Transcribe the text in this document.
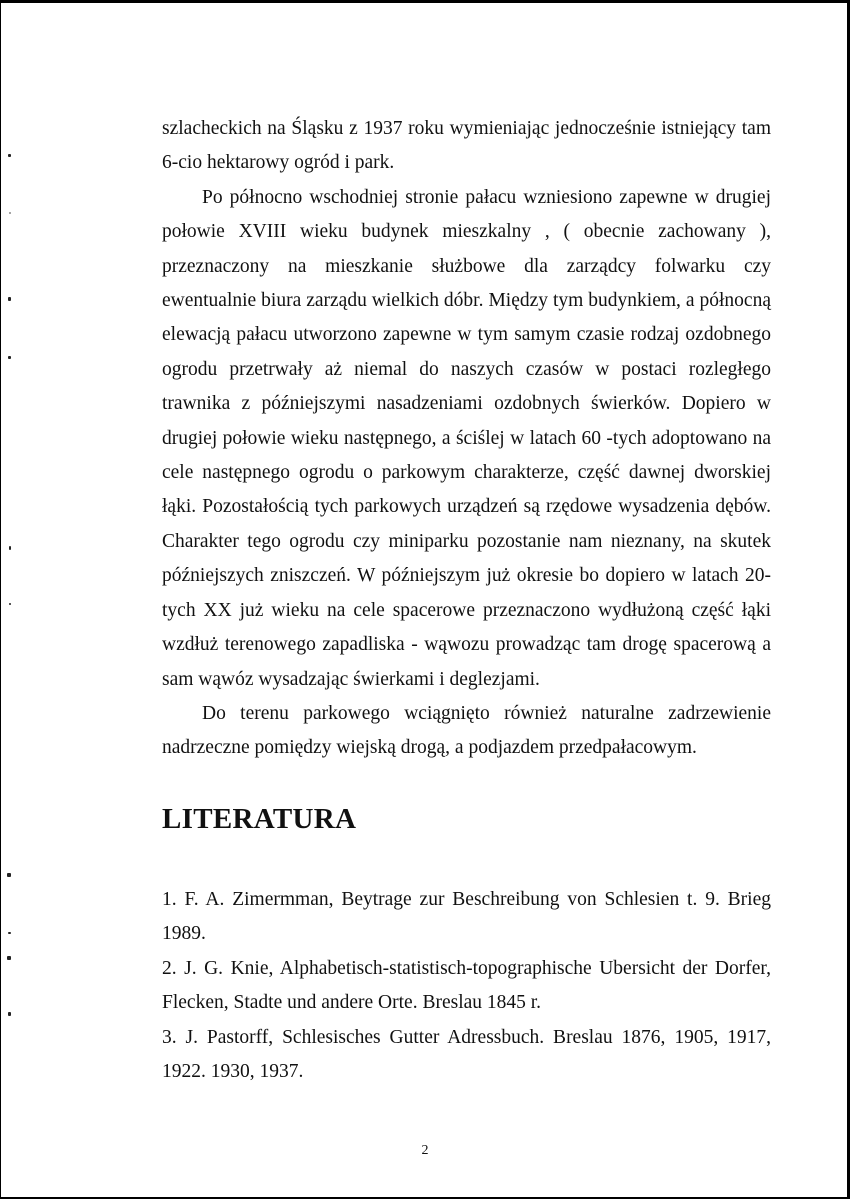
szlacheckich na Śląsku z 1937 roku wymieniając jednocześnie istniejący tam 6-cio hektarowy ogród i park.

Po północno wschodniej stronie pałacu wzniesiono zapewne w drugiej połowie XVIII wieku budynek mieszkalny , ( obecnie zachowany ), przeznaczony na mieszkanie służbowe dla zarządcy folwarku czy ewentualnie biura zarządu wielkich dóbr. Między tym budynkiem, a północną elewacją pałacu utworzono zapewne w tym samym czasie rodzaj ozdobnego ogrodu przetrwały aż niemal do naszych czasów w postaci rozległego trawnika z późniejszymi nasadzeniami ozdobnych świerków. Dopiero w drugiej połowie wieku następnego, a ściślej w latach 60 -tych adoptowano na cele następnego ogrodu o parkowym charakterze, część dawnej dworskiej łąki. Pozostałością tych parkowych urządzeń są rzędowe wysadzenia dębów. Charakter tego ogrodu czy miniparku pozostanie nam nieznany, na skutek późniejszych zniszczeń. W późniejszym już okresie bo dopiero w latach 20-tych XX już wieku na cele spacerowe przeznaczono wydłużoną część łąki wzdłuż terenowego zapadliska - wąwozu prowadząc tam drogę spacerową a sam wąwóz wysadzając świerkami i deglezjami.

Do terenu parkowego wciągnięto również naturalne zadrzewienie nadrzeczne pomiędzy wiejską drogą, a podjazdem przedpałacowym.

LITERATURA
1. F. A. Zimermman, Beytrage zur Beschreibung von Schlesien t. 9. Brieg 1989.
2. J. G. Knie, Alphabetisch-statistisch-topographische Ubersicht der Dorfer, Flecken, Stadte und andere Orte. Breslau 1845 r.
3. J. Pastorff, Schlesisches Gutter Adressbuch. Breslau 1876, 1905, 1917, 1922. 1930, 1937.
2
